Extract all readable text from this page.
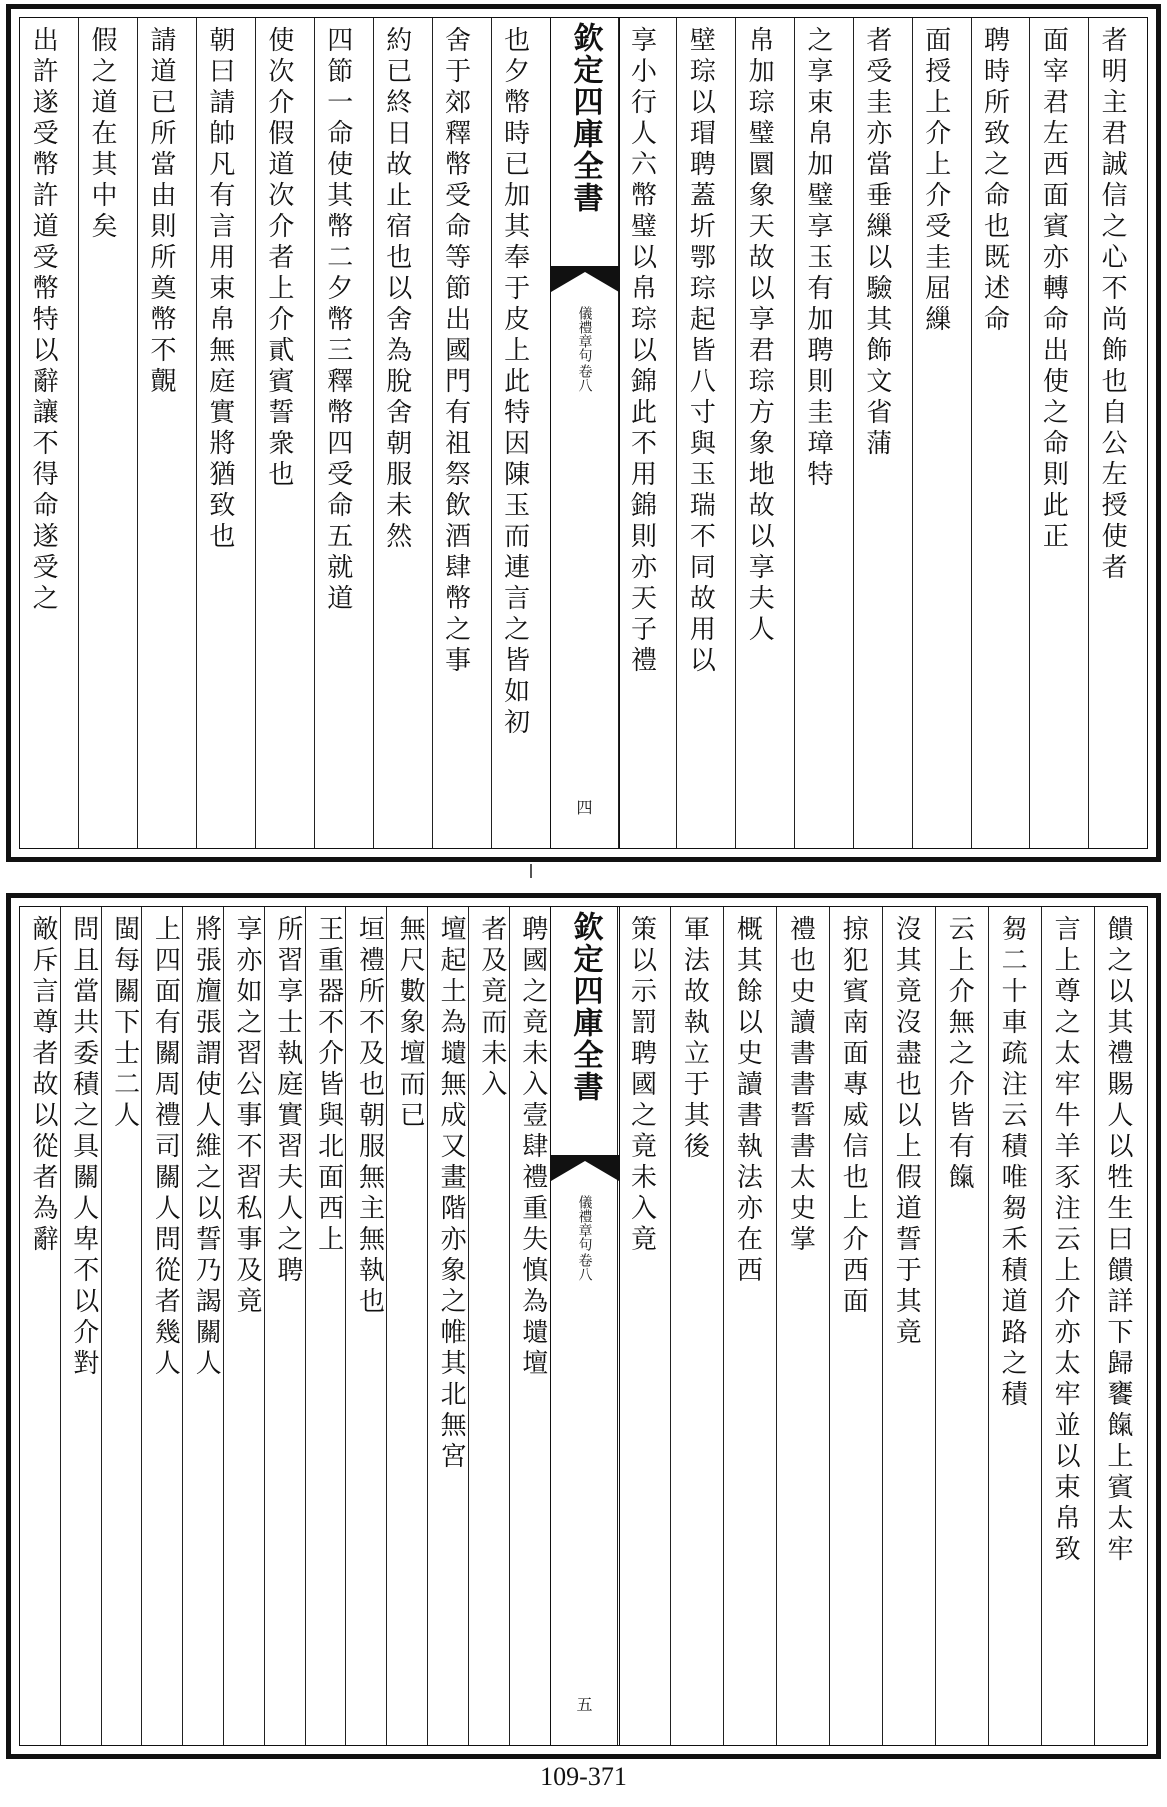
者明主君誠信之心不尚飾也自公左授使者
面宰君左西面賓亦轉命出使之命則此正
聘時所致之命也既述命
面授上介上介受圭屈繅
者受圭亦當垂繅以驗其飾文省蒲
之享束帛加璧享玉有加聘則圭璋特
帛加琮璧圜象天故以享君琮方象地故以享夫人
壁琮以瑁聘蓋圻鄂琮起皆八寸與玉瑞不同故用以
享小行人六幣璧以帛琮以錦此不用錦則亦天子禮
欽定四庫全書
儀禮章句
卷八
四
也夕幣時已加其奉于皮上此特因陳玉而連言之皆如初
舍于郊釋幣受命等節出國門有祖祭飲酒肆幣之事
約已終日故止宿也以舍為脫舍朝服未然
四節一命使其幣二夕幣三釋幣四受命五就道
使次介假道次介者上介貳賓誓衆也
朝曰請帥凡有言用束帛無庭實將猶致也
請道已所當由則所奠幣不覿
假之道在其中矣
出許遂受幣許道受幣特以辭讓不得命遂受之
饋之以其禮賜人以牲生曰饋詳下歸饔餼上賓太牢
言上尊之太牢牛羊豕注云上介亦太牢並以束帛致
芻二十車疏注云積唯芻禾積道路之積
云上介無之介皆有餼
沒其竟沒盡也以上假道誓于其竟
掠犯賓南面專威信也上介西面
禮也史讀書書誓書太史掌
概其餘以史讀書執法亦在西
軍法故執立于其後
策以示罰聘國之竟未入竟
欽定四庫全書
儀禮章句
卷八
五
聘國之竟未入壹肆禮重失慎為壝壇
者及竟而未入
壇起土為壝無成又畫階亦象之帷其北無宮
無尺數象壇而已
垣禮所不及也朝服無主無執也
王重器不介皆與北面西上
所習享士執庭實習夫人之聘
享亦如之習公事不習私事及竟
將張旜張謂使人維之以誓乃謁關人
上四面有關周禮司關人問從者幾人
閩每關下士二人
問且當共委積之具關人卑不以介對
敵斥言尊者故以從者為辭
109-371
